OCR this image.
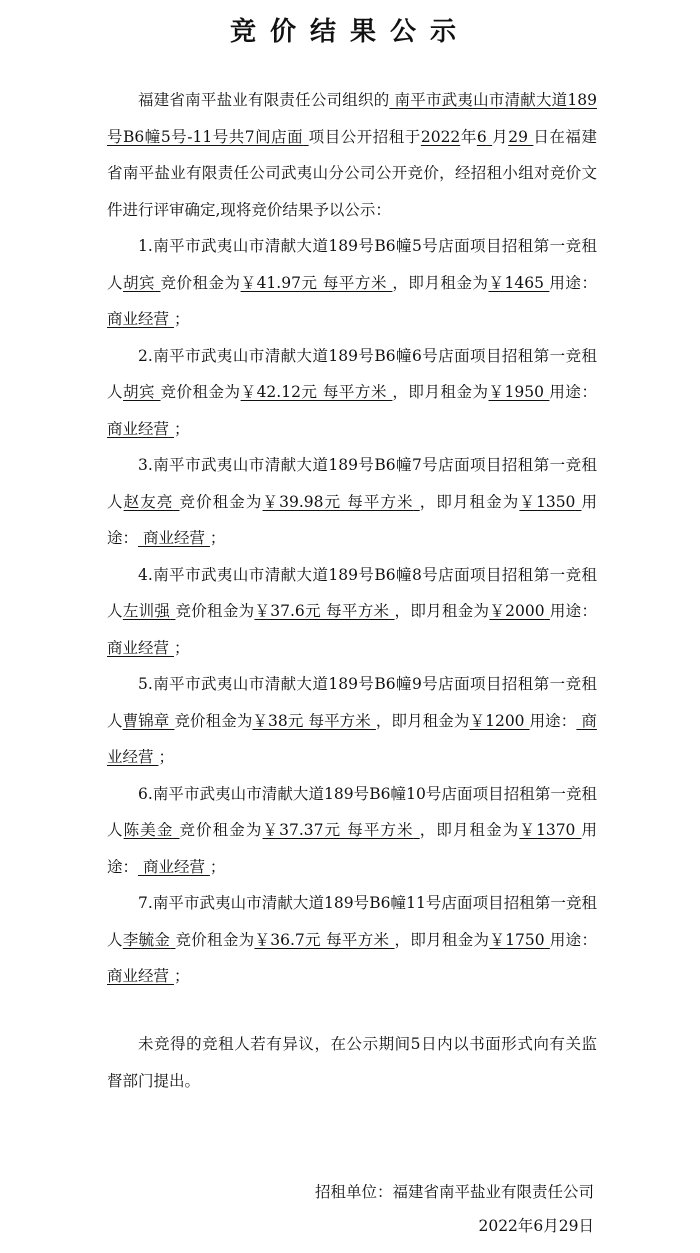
竞价结果公示
福建省南平盐业有限责任公司组织的 南平市武夷山市清献大道189号B6幢5号-11号共7间店面 项目公开招租于2022年6 月29 日在福建省南平盐业有限责任公司武夷山分公司公开竞价，经招租小组对竞价文件进行评审确定,现将竞价结果予以公示：

1.南平市武夷山市清献大道189号B6幢5号店面项目招租第一竞租人胡宾 竞价租金为￥41.97元 每平方米 ，即月租金为￥1465 用途： 商业经营 ；

2.南平市武夷山市清献大道189号B6幢6号店面项目招租第一竞租人胡宾 竞价租金为￥42.12元 每平方米 ，即月租金为￥1950 用途： 商业经营 ；

3.南平市武夷山市清献大道189号B6幢7号店面项目招租第一竞租人赵友亮 竞价租金为￥39.98元 每平方米 ，即月租金为￥1350 用途： 商业经营 ；

4.南平市武夷山市清献大道189号B6幢8号店面项目招租第一竞租人左训强 竞价租金为￥37.6元 每平方米 ，即月租金为￥2000 用途： 商业经营 ；

5.南平市武夷山市清献大道189号B6幢9号店面项目招租第一竞租人曹锦章 竞价租金为￥38元 每平方米 ，即月租金为￥1200 用途： 商业经营 ；

6.南平市武夷山市清献大道189号B6幢10号店面项目招租第一竞租人陈美金 竞价租金为￥37.37元 每平方米 ，即月租金为￥1370 用途： 商业经营 ；

7.南平市武夷山市清献大道189号B6幢11号店面项目招租第一竞租人李毓金 竞价租金为￥36.7元 每平方米 ，即月租金为￥1750 用途： 商业经营 ；

未竞得的竞租人若有异议，在公示期间5日内以书面形式向有关监督部门提出。
招租单位：福建省南平盐业有限责任公司
2022年6月29日
